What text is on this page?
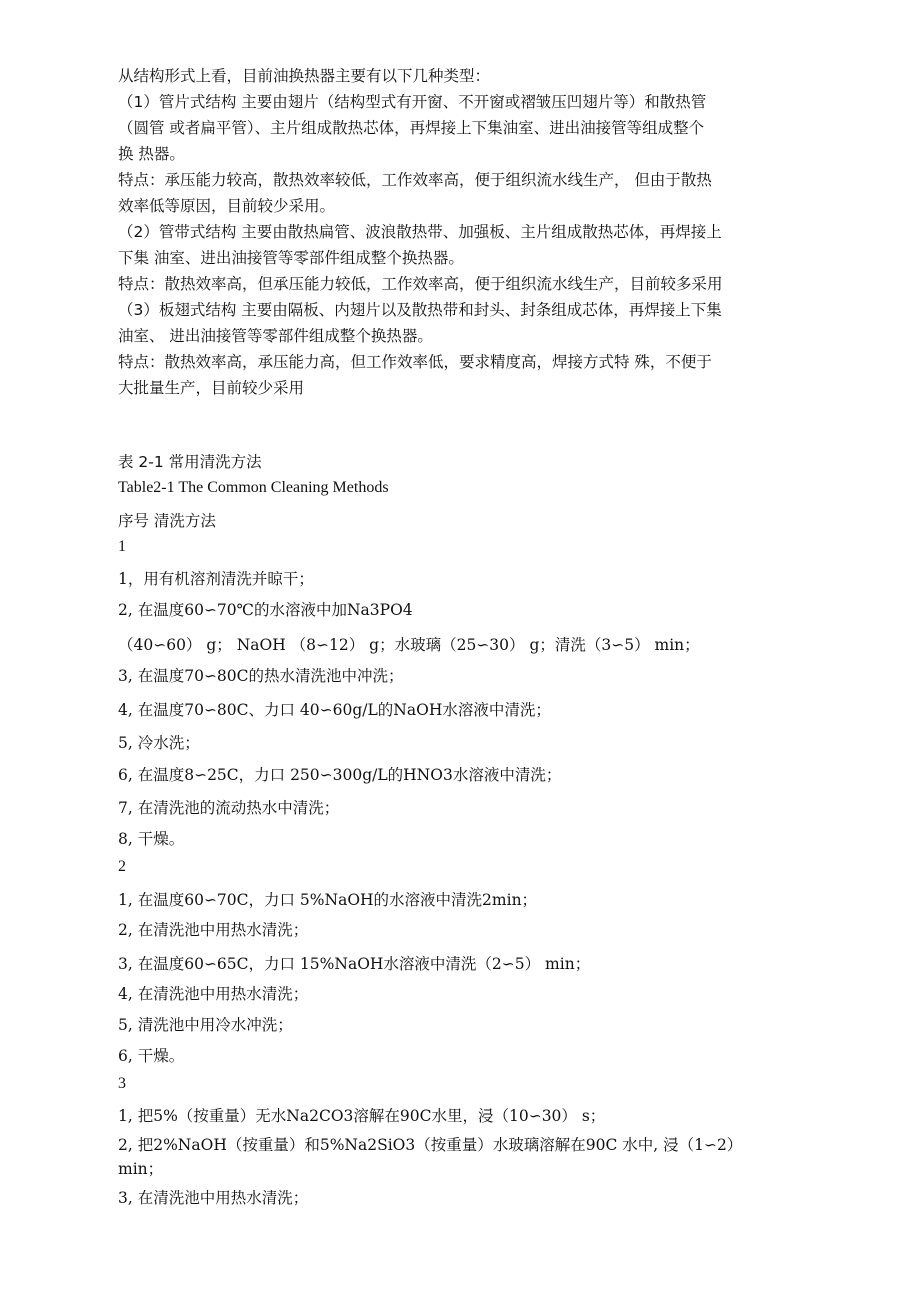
从结构形式上看，目前油换热器主要有以下几种类型：
（1）管片式结构 主要由翅片（结构型式有开窗、不开窗或褶皱压凹翅片等）和散热管
（圆管 或者扁平管）、主片组成散热芯体，再焊接上下集油室、进出油接管等组成整个
换 热器。
特点：承压能力较高，散热效率较低，工作效率高，便于组织流水线生产， 但由于散热
效率低等原因，目前较少采用。
（2）管带式结构 主要由散热扁管、波浪散热带、加强板、主片组成散热芯体，再焊接上
下集 油室、进出油接管等零部件组成整个换热器。
特点：散热效率高，但承压能力较低，工作效率高，便于组织流水线生产，目前较多采用
（3）板翅式结构 主要由隔板、内翅片以及散热带和封头、封条组成芯体，再焊接上下集
油室、 进出油接管等零部件组成整个换热器。
特点：散热效率高，承压能力高，但工作效率低，要求精度高，焊接方式特 殊，不便于
大批量生产，目前较少采用
表 2-1 常用清洗方法
Table2-1 The Common Cleaning Methods
序号 清洗方法
1
1，用有机溶剂清洗并晾干；
2, 在温度60∽70℃的水溶液中加Na3PO4
（40∽60） g； NaOH （8∽12） g；水玻璃（25∽30） g；清洗（3∽5） min；
3, 在温度70∽80C的热水清洗池中冲洗；
4, 在温度70∽80C、力口 40∽60g/L的NaOH水溶液中清洗；
5, 冷水洗；
6, 在温度8∽25C，力口 250∽300g/L的HNO3水溶液中清洗；
7, 在清洗池的流动热水中清洗；
8, 干燥。
2
1, 在温度60∽70C，力口 5%NaOH的水溶液中清洗2min；
2, 在清洗池中用热水清洗；
3, 在温度60∽65C，力口 15%NaOH水溶液中清洗（2∽5） min；
4, 在清洗池中用热水清洗；
5, 清洗池中用冷水冲洗；
6, 干燥。
3
1, 把5%（按重量）无水Na2CO3溶解在90C水里，浸（10∽30） s；
2, 把2%NaOH（按重量）和5%Na2SiO3（按重量）水玻璃溶解在90C 水中, 浸（1∽2）
min；
3, 在清洗池中用热水清洗；
